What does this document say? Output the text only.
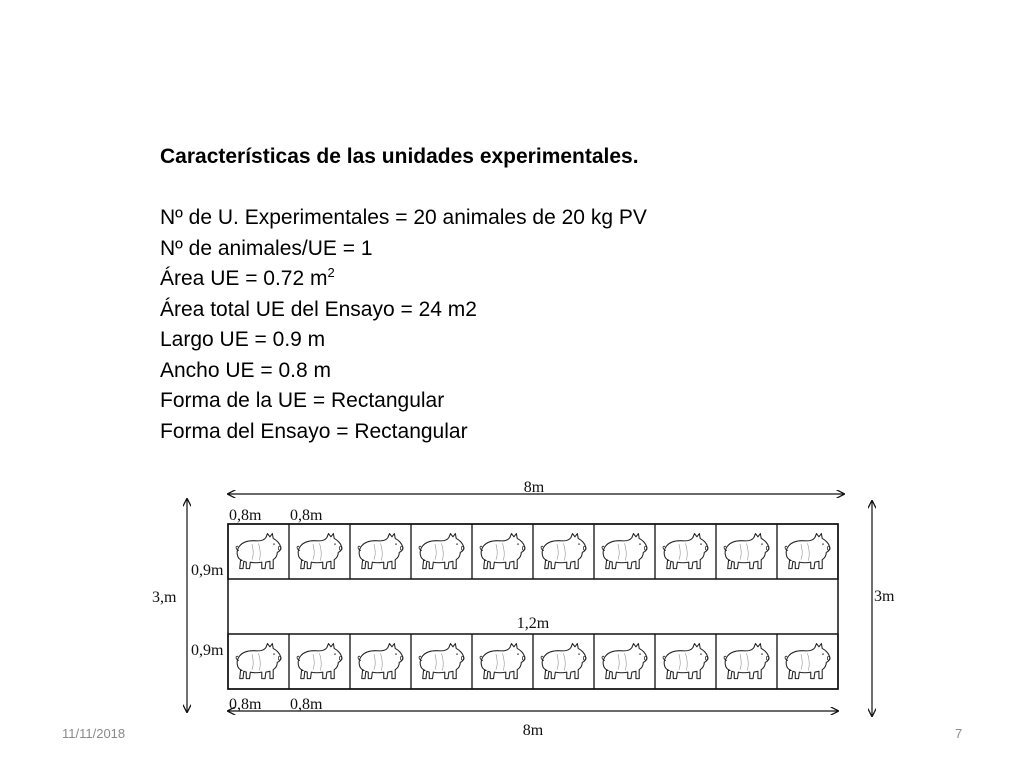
Características de las unidades experimentales.
Nº de U. Experimentales = 20 animales de 20 kg PV
Nº de animales/UE = 1
Área UE = 0.72 $m^2$
Área total UE del Ensayo = 24 m2
Largo UE = 0.9 m
Ancho UE = 0.8 m
Forma de la UE = Rectangular
Forma del Ensayo = Rectangular
8m
8m
3,m	3m
0,8m 0,8m
0,8m 0,8m
0,9m
0,9m
1,2m
11/11/2018	7
